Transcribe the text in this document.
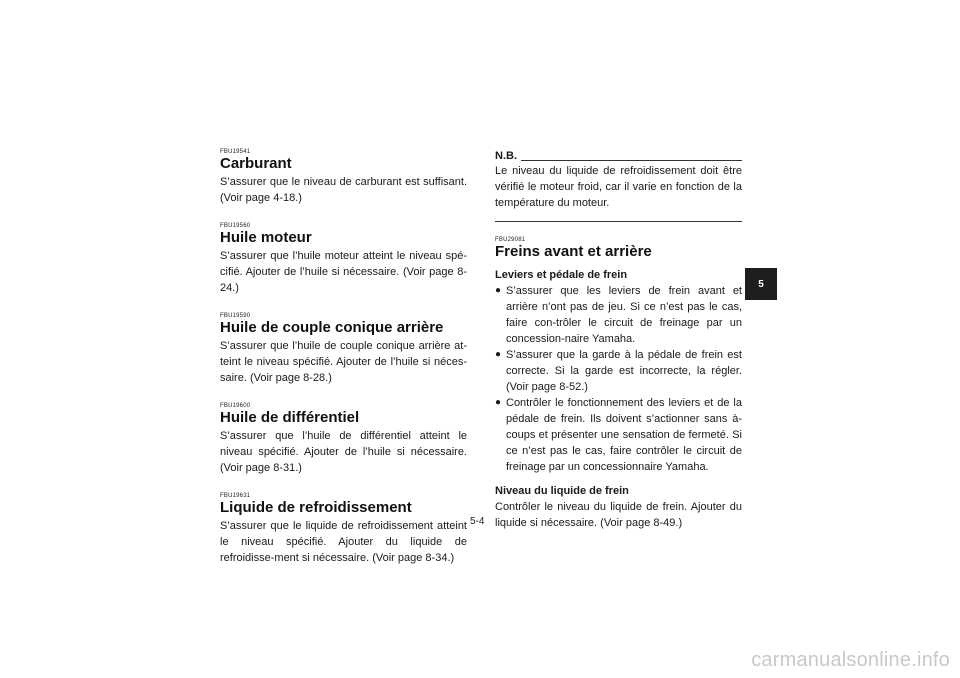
FBU19541
Carburant

S’assurer que le niveau de carburant est suffisant. (Voir page 4-18.)

FBU19560
Huile moteur

S’assurer que l’huile moteur atteint le niveau spé-cifié. Ajouter de l’huile si nécessaire. (Voir page 8-24.)

FBU19590
Huile de couple conique arrière

S’assurer que l’huile de couple conique arrière at-teint le niveau spécifié. Ajouter de l’huile si néces-saire. (Voir page 8-28.)

FBU19600
Huile de différentiel

S’assurer que l’huile de différentiel atteint le niveau spécifié. Ajouter de l’huile si nécessaire. (Voir page 8-31.)

FBU19631
Liquide de refroidissement

S’assurer que le liquide de refroidissement atteint le niveau spécifié. Ajouter du liquide de refroidisse-ment si nécessaire. (Voir page 8-34.)

N.B.

Le niveau du liquide de refroidissement doit être vérifié le moteur froid, car il varie en fonction de la température du moteur.

FBU29081
Freins avant et arrière
Leviers et pédale de frein
● S’assurer que les leviers de frein avant et arrière n’ont pas de jeu. Si ce n’est pas le cas, faire con-trôler le circuit de freinage par un concession-naire Yamaha.
● S’assurer que la garde à la pédale de frein est correcte. Si la garde est incorrecte, la régler. (Voir page 8-52.)
● Contrôler le fonctionnement des leviers et de la pédale de frein. Ils doivent s’actionner sans à-coups et présenter une sensation de fermeté. Si ce n’est pas le cas, faire contrôler le circuit de freinage par un concessionnaire Yamaha.
Niveau du liquide de frein

Contrôler le niveau du liquide de frein. Ajouter du liquide si nécessaire. (Voir page 8-49.)

5-4
5
carmanualsonline.info
